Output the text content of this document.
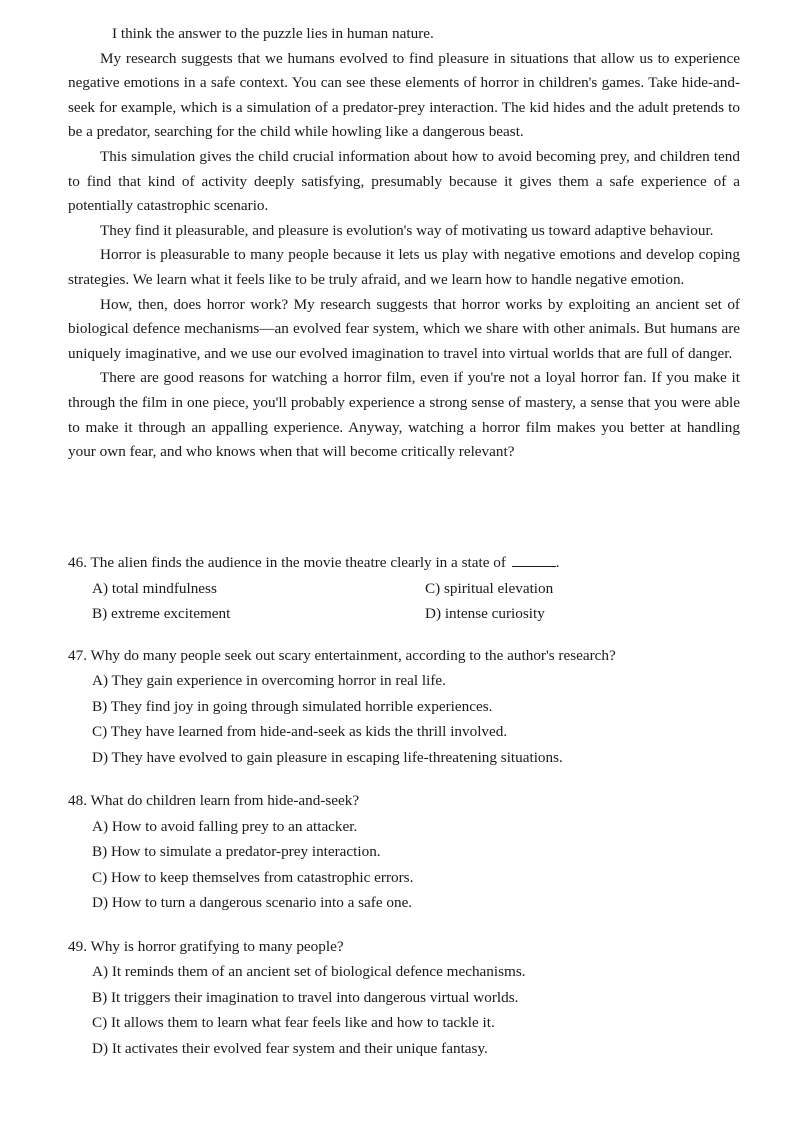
I think the answer to the puzzle lies in human nature.

My research suggests that we humans evolved to find pleasure in situations that allow us to experience negative emotions in a safe context. You can see these elements of horror in children's games. Take hide-and-seek for example, which is a simulation of a predator-prey interaction. The kid hides and the adult pretends to be a predator, searching for the child while howling like a dangerous beast.

This simulation gives the child crucial information about how to avoid becoming prey, and children tend to find that kind of activity deeply satisfying, presumably because it gives them a safe experience of a potentially catastrophic scenario.

They find it pleasurable, and pleasure is evolution's way of motivating us toward adaptive behaviour.

Horror is pleasurable to many people because it lets us play with negative emotions and develop coping strategies. We learn what it feels like to be truly afraid, and we learn how to handle negative emotion.

How, then, does horror work? My research suggests that horror works by exploiting an ancient set of biological defence mechanisms—an evolved fear system, which we share with other animals. But humans are uniquely imaginative, and we use our evolved imagination to travel into virtual worlds that are full of danger.

There are good reasons for watching a horror film, even if you're not a loyal horror fan. If you make it through the film in one piece, you'll probably experience a strong sense of mastery, a sense that you were able to make it through an appalling experience. Anyway, watching a horror film makes you better at handling your own fear, and who knows when that will become critically relevant?

46. The alien finds the audience in the movie theatre clearly in a state of	.
A) total mindfulness	C) spiritual elevation
B) extreme excitement	D) intense curiosity
47. Why do many people seek out scary entertainment, according to the author's research?
A) They gain experience in overcoming horror in real life.
B) They find joy in going through simulated horrible experiences.
C) They have learned from hide-and-seek as kids the thrill involved.
D) They have evolved to gain pleasure in escaping life-threatening situations.
48. What do children learn from hide-and-seek?
A) How to avoid falling prey to an attacker.
B) How to simulate a predator-prey interaction.
C) How to keep themselves from catastrophic errors.
D) How to turn a dangerous scenario into a safe one.
49. Why is horror gratifying to many people?
A) It reminds them of an ancient set of biological defence mechanisms.
B) It triggers their imagination to travel into dangerous virtual worlds.
C) It allows them to learn what fear feels like and how to tackle it.
D) It activates their evolved fear system and their unique fantasy.
